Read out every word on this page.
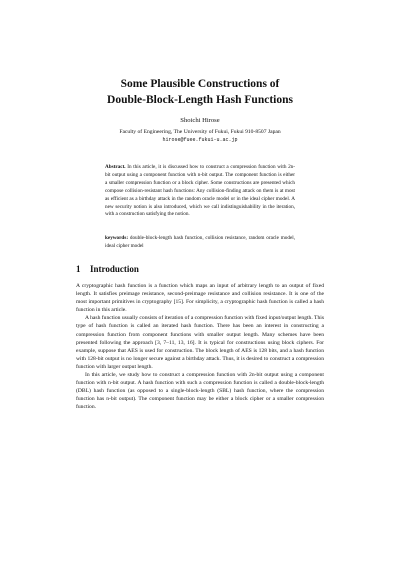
Some Plausible Constructions of
Double-Block-Length Hash Functions

Shoichi Hirose

Faculty of Engineering, The University of Fukui, Fukui 910-8507 Japan
hirose@fuee.fukui-u.ac.jp

Abstract. In this article, it is discussed how to construct a compression function with 2n-bit output using a component function with n-bit output. The component function is either a smaller compression function or a block cipher. Some constructions are presented which compose collision-resistant hash functions: Any collision-finding attack on them is at most as efficient as a birthday attack in the random oracle model or in the ideal cipher model. A new security notion is also introduced, which we call indistinguishability in the iteration, with a construction satisfying the notion.

keywords: double-block-length hash function, collision resistance, random oracle model, ideal cipher model

1 Introduction

A cryptographic hash function is a function which maps an input of arbitrary length to an output of fixed length. It satisfies preimage resistance, second-preimage resistance and collision resistance. It is one of the most important primitives in cryptography [15]. For simplicity, a cryptographic hash function is called a hash function in this article.

A hash function usually consists of iteration of a compression function with fixed input/output length. This type of hash function is called an iterated hash function. There has been an interest in constructing a compression function from component functions with smaller output length. Many schemes have been presented following the approach [3, 7–11, 13, 16]. It is typical for constructions using block ciphers. For example, suppose that AES is used for construction. The block length of AES is 128 bits, and a hash function with 128-bit output is no longer secure against a birthday attack. Thus, it is desired to construct a compression function with larger output length.

In this article, we study how to construct a compression function with 2n-bit output using a component function with n-bit output. A hash function with such a compression function is called a double-block-length (DBL) hash function (as opposed to a single-block-length (SBL) hash function, where the compression function has n-bit output). The component function may be either a block cipher or a smaller compression function.
